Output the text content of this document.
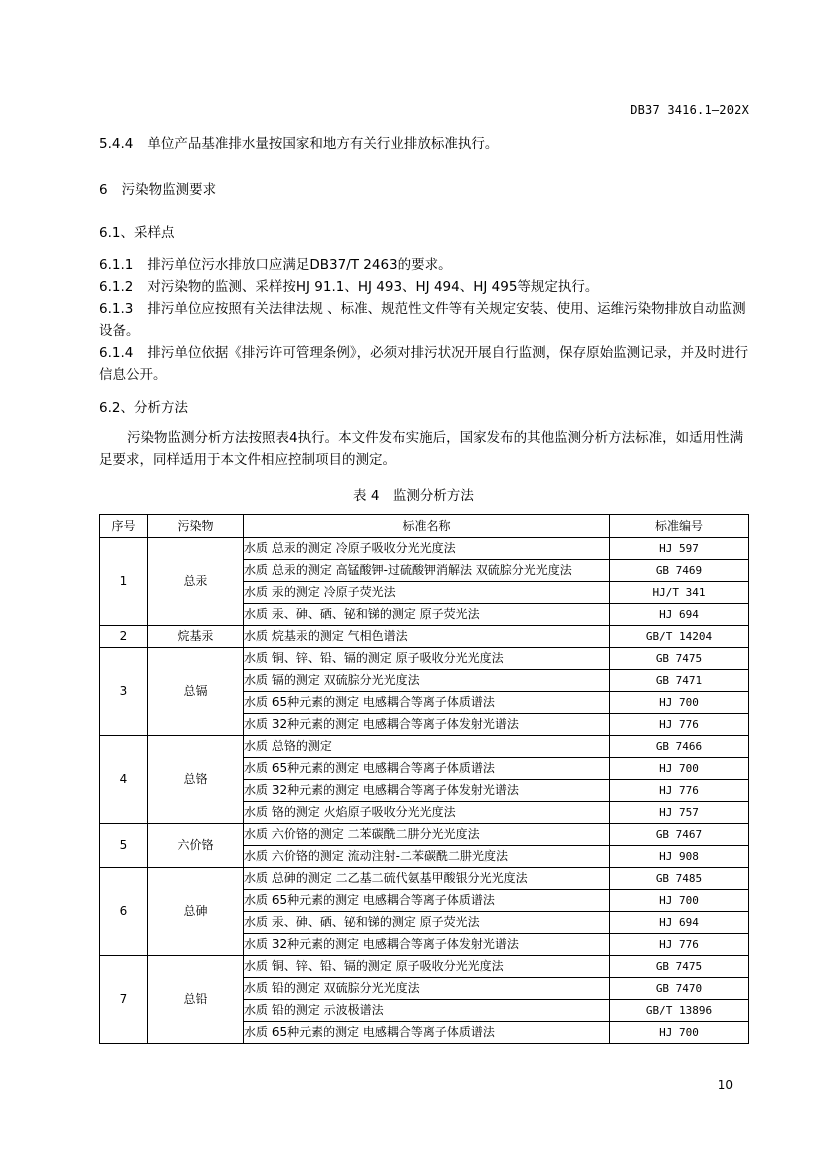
DB37 3416.1—202X

5.4.4 单位产品基准排水量按国家和地方有关行业排放标准执行。

6 污染物监测要求

6.1、采样点

6.1.1 排污单位污水排放口应满足DB37/T 2463的要求。

6.1.2 对污染物的监测、采样按HJ 91.1、HJ 493、HJ 494、HJ 495等规定执行。

6.1.3 排污单位应按照有关法律法规 、标准、规范性文件等有关规定安装、使用、运维污染物排放自动监测设备。

6.1.4 排污单位依据《排污许可管理条例》，必须对排污状况开展自行监测，保存原始监测记录，并及时进行信息公开。

6.2、分析方法

污染物监测分析方法按照表4执行。本文件发布实施后，国家发布的其他监测分析方法标准，如适用性满足要求，同样适用于本文件相应控制项目的测定。

表 4　监测分析方法

序号	污染物	标准名称	标准编号
1	总汞	水质 总汞的测定 冷原子吸收分光光度法	HJ 597
		水质 总汞的测定 高锰酸钾-过硫酸钾消解法 双硫腙分光光度法	GB 7469
		水质 汞的测定 冷原子荧光法	HJ/T 341
		水质 汞、砷、硒、铋和锑的测定 原子荧光法	HJ 694
2	烷基汞	水质 烷基汞的测定 气相色谱法	GB/T 14204
3	总镉	水质 铜、锌、铅、镉的测定 原子吸收分光光度法	GB 7475
		水质 镉的测定 双硫腙分光光度法	GB 7471
		水质 65种元素的测定 电感耦合等离子体质谱法	HJ 700
		水质 32种元素的测定 电感耦合等离子体发射光谱法	HJ 776
4	总铬	水质 总铬的测定	GB 7466
		水质 65种元素的测定 电感耦合等离子体质谱法	HJ 700
		水质 32种元素的测定 电感耦合等离子体发射光谱法	HJ 776
		水质 铬的测定 火焰原子吸收分光光度法	HJ 757
5	六价铬	水质 六价铬的测定 二苯碳酰二肼分光光度法	GB 7467
		水质 六价铬的测定 流动注射-二苯碳酰二肼光度法	HJ 908
6	总砷	水质 总砷的测定 二乙基二硫代氨基甲酸银分光光度法	GB 7485
		水质 65种元素的测定 电感耦合等离子体质谱法	HJ 700
		水质 汞、砷、硒、铋和锑的测定 原子荧光法	HJ 694
		水质 32种元素的测定 电感耦合等离子体发射光谱法	HJ 776
7	总铅	水质 铜、锌、铅、镉的测定 原子吸收分光光度法	GB 7475
		水质 铅的测定 双硫腙分光光度法	GB 7470
		水质 铅的测定 示波极谱法	GB/T 13896
		水质 65种元素的测定 电感耦合等离子体质谱法	HJ 700
10
